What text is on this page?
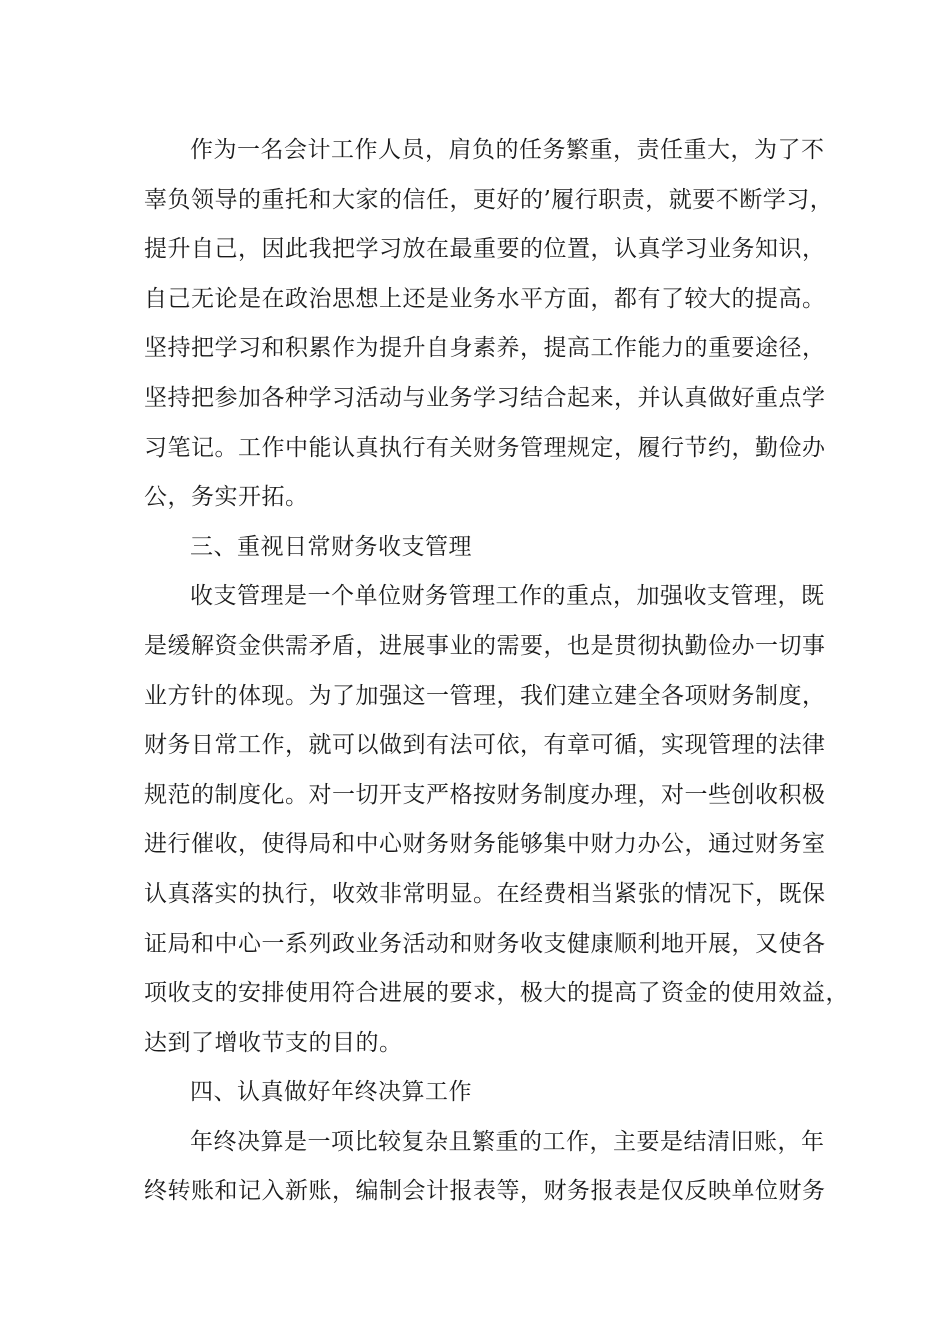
作为一名会计工作人员，肩负的任务繁重，责任重大，为了不
辜负领导的重托和大家的信任，更好的’履行职责，就要不断学习，
提升自己，因此我把学习放在最重要的位置，认真学习业务知识，
自己无论是在政治思想上还是业务水平方面，都有了较大的提高。
坚持把学习和积累作为提升自身素养，提高工作能力的重要途径，
坚持把参加各种学习活动与业务学习结合起来，并认真做好重点学
习笔记。工作中能认真执行有关财务管理规定，履行节约，勤俭办
公，务实开拓。
三、重视日常财务收支管理
收支管理是一个单位财务管理工作的重点，加强收支管理，既
是缓解资金供需矛盾，进展事业的需要，也是贯彻执勤俭办一切事
业方针的体现。为了加强这一管理，我们建立建全各项财务制度，
财务日常工作，就可以做到有法可依，有章可循，实现管理的法律
规范的制度化。对一切开支严格按财务制度办理，对一些创收积极
进行催收，使得局和中心财务财务能够集中财力办公，通过财务室
认真落实的执行，收效非常明显。在经费相当紧张的情况下，既保
证局和中心一系列政业务活动和财务收支健康顺利地开展，又使各
项收支的安排使用符合进展的要求，极大的提高了资金的使用效益，
达到了增收节支的目的。
四、认真做好年终决算工作
年终决算是一项比较复杂且繁重的工作，主要是结清旧账，年
终转账和记入新账，编制会计报表等，财务报表是仅反映单位财务
